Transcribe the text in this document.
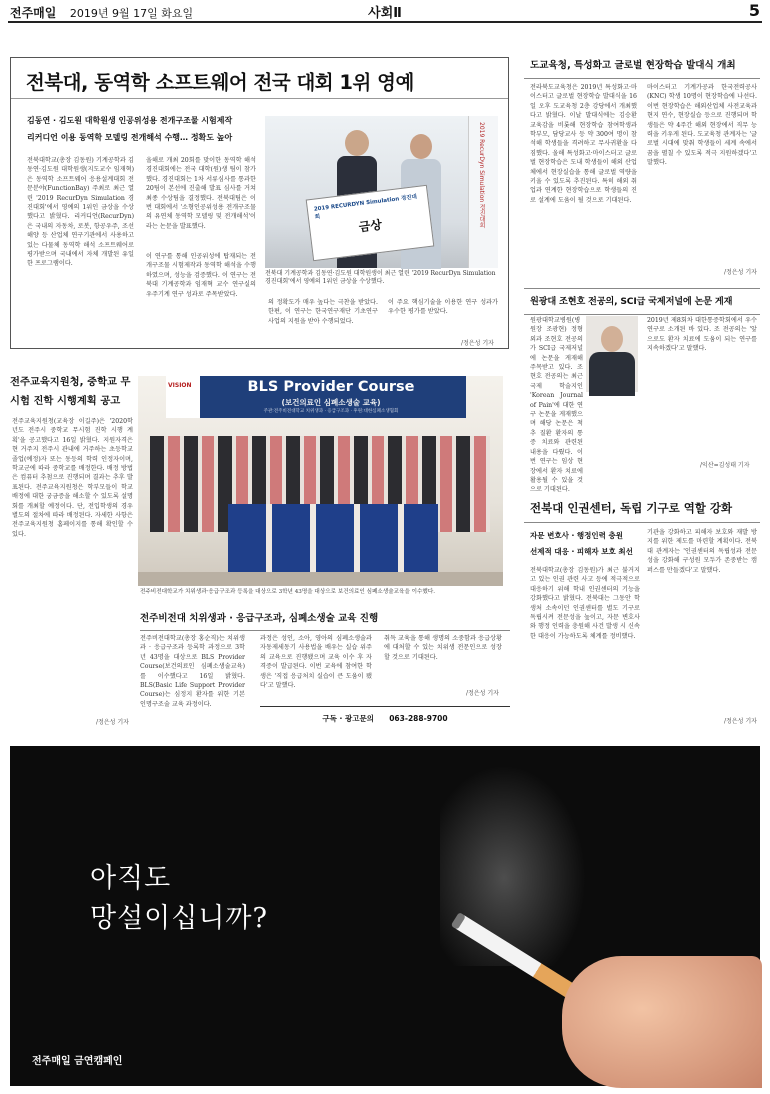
전주매일 2019년 9월 17일 화요일	사회Ⅱ	5
전북대, 동역학 소프트웨어 전국 대회 1위 영예
김동연 · 김도원 대학원생 인공위성용 전개구조물 시험제작
리커디언 이용 동역학 모델링 전개해석 수행… 정확도 높아
전북대학교(총장 김동원) 기계공학과 김동연·김도원 대학원생(지도교수 임재혁)은 동역학 소프트웨어 응용설계대회 전문분야(FunctionBay) 주최로 최근 열린 '2019 RecurDyn Simulation 경진대회'에서 영예의 1위인 금상을 수상했다고 밝혔다. 리커디언(RecurDyn)은 국내의 자동차, 로봇, 항공우주, 조선해양 등 산업체 연구기관에서 사용하고 있는 다물체 동역학 해석 소프트웨어로 평가받으며 국내에서 자체 개발된 유일한 프로그램이다.
올해로 개최 20회를 맞이한 동역학 해석 경진대회에는 전국 대학(원)생 팀이 참가했다. 경진대회는 1차 서류심사를 통과한 20팀이 본선에 진출해 발표 심사를 거쳐 최종 수상팀을 결정했다. 전북대팀은 이번 대회에서 '소형인공위성용 전개구조물의 유연체 동역학 모델링 및 전개해석'이라는 논문을 발표했다.
이 연구를 통해 인공위성에 탑재되는 전개구조물 시험제작과 동역학 해석을 수행하였으며, 성능을 검증했다. 이 연구는 전북대 기계공학과 임재혁 교수 연구실의 우주기계 연구 성과로 주목받았다.
의 정확도가 매우 높다는 극찬을 받았다. 한편, 이 연구는 한국연구재단 기초연구사업의 지원을 받아 수행되었다.
이 주요 핵심기술을 이용한 연구 성과가 우수한 평가를 받았다.
/정은성 기자
2019 RecurDyn Simulation 경진대회
2019 RECURDYN Simulation 경진대회
금상
전북대 기계공학과 김동연·김도원 대학원생이 최근 열린 '2019 RecurDyn Simulation 경진대회'에서 영예의 1위인 금상을 수상했다.
도교육청, 특성화고 글로벌 현장학습 발대식 개최
전라북도교육청은 2019년 특성화고·마이스터고 글로벌 현장학습 발대식을 16일 오후 도교육청 2층 강당에서 개최했다고 밝혔다. 이날 발대식에는 김승환 교육감을 비롯해 현장학습 참여학생과 학부모, 담당교사 등 약 300여 명이 참석해 학생들을 격려하고 무사귀환을 다짐했다. 올해 특성화고·마이스터고 글로벌 현장학습은 도내 학생들이 해외 산업체에서 현장실습을 통해 글로벌 역량을 키울 수 있도록 추진된다. 특히 해외 취업과 연계한 현장학습으로 학생들의 진로 설계에 도움이 될 것으로 기대된다.
마이스터고 기계가공과 한국전력공사(KNC) 학생 10명이 현장학습에 나선다. 이번 현장학습은 해외산업체 사전교육과 현지 연수, 현장실습 등으로 진행되며 학생들은 약 4주간 해외 현장에서 직무 능력을 키우게 된다. 도교육청 관계자는 '글로벌 시대에 맞춰 학생들이 세계 속에서 꿈을 펼칠 수 있도록 적극 지원하겠다'고 말했다.
/정은성 기자
원광대 조현호 전공의, SCI급 국제저널에 논문 게재
원광대학교병원(병원장 조광현) 정형외과 조현호 전공의가 SCI급 국제저널에 논문을 게재해 주목받고 있다. 조현호 전공의는 최근 국제 학술지인 'Korean Journal of Pain'에 대한 연구 논문을 게재했으며 해당 논문은 척추 질환 환자의 통증 치료와 관련된 내용을 다뤘다. 이번 연구는 임상 현장에서 환자 치료에 활용될 수 있을 것으로 기대된다.
2019년 제8회차 대한통증학회에서 우수 연구로 소개된 바 있다. 조 전공의는 '앞으로도 환자 치료에 도움이 되는 연구를 지속하겠다'고 말했다.
/익산=김성태 기자
전북대 인권센터, 독립 기구로 역할 강화
자문 변호사 · 행정인력 충원
선제적 대응 · 피해자 보호 최선
전북대학교(총장 김동원)가 최근 불거지고 있는 인권 관련 사고 등에 적극적으로 대응하기 위해 학내 인권센터의 기능을 강화했다고 밝혔다. 전북대는 그동안 학생처 소속이던 인권센터를 별도 기구로 독립시켜 전문성을 높이고, 자문 변호사와 행정 인력을 충원해 사건 발생 시 신속한 대응이 가능하도록 체계를 정비했다.
기관을 강화하고 피해자 보호와 재발 방지를 위한 제도를 마련할 계획이다. 전북대 관계자는 '인권센터의 독립성과 전문성을 강화해 구성원 모두가 존중받는 캠퍼스를 만들겠다'고 말했다.
/정은성 기자
전주교육지원청, 중학교 무시험 진학 시행계획 공고
전주교육지원청(교육장 이길주)은 '2020학년도 전주시 중학교 무시험 진학 시행 계획'을 공고했다고 16일 밝혔다. 지원자격은 현 거주지 전주시 관내에 거주하는 초등학교 졸업(예정)자 또는 동등의 학력 인정자이며, 학교군에 따라 중학교를 배정한다. 배정 방법은 컴퓨터 추첨으로 진행되며 결과는 추후 발표된다. 전주교육지원청은 학부모들이 학교 배정에 대한 궁금증을 해소할 수 있도록 설명회를 개최할 예정이다. 단, 전입학생의 경우 별도의 절차에 따라 배정된다. 자세한 사항은 전주교육지원청 홈페이지를 통해 확인할 수 있다.
/정은성 기자
VISION	BLS Provider Course
(보건의료인 심폐소생술 교육)
주관:전주비전대학교 치위생과 · 응급구조과 · 후원:대한심폐소생협회
전주비전대학교가 치위생과·응급구조과 등록을 대상으로 3학년 43명을 대상으로 보건의료인 심폐소생술교육을 이수했다.
전주비전대 치위생과 · 응급구조과, 심폐소생술 교육 진행
전주비전대학교(총장 홍순직)는 치위생과 · 응급구조과 등록학 과정으로 3학년 43명을 대상으로 BLS Provider Course(보건의료인 심폐소생술교육)를 이수했다고 16일 밝혔다. BLS(Basic Life Support Provider Course)는 심정지 환자를 위한 기본 인명구조술 교육 과정이다.
과정은 성인, 소아, 영아의 심폐소생술과 자동제세동기 사용법을 배우는 실습 위주의 교육으로 진행됐으며 교육 이수 후 자격증이 발급된다. 이번 교육에 참여한 학생은 '직접 응급처치 실습이 큰 도움이 됐다'고 말했다.
취득 교육을 통해 생명의 소중함과 응급상황에 대처할 수 있는 치위생 전문인으로 성장할 것으로 기대된다.
/정은성 기자
구독 · 광고문의 063-288-9700
아직도
망설이십니까?
전주매일 금연캠페인
